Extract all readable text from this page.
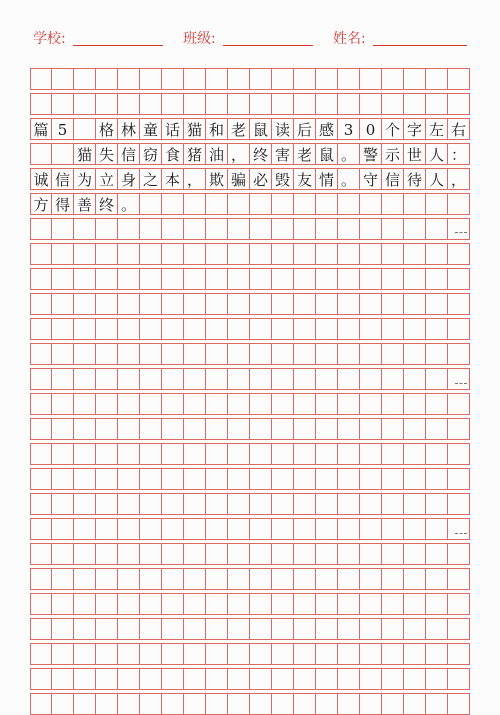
学校:	班级:	姓名:
篇 5	格 林 童 话 猫 和 老 鼠 读 后 感 3 0 个 字 左 右
猫 失 信 窃 食 猪 油 ， 终 害 老 鼠 。 警 示 世 人 ：
诚 信 为 立 身 之 本 ， 欺 骗 必 毁 友 情 。 守 信 待 人 ，
方 得 善 终 。
